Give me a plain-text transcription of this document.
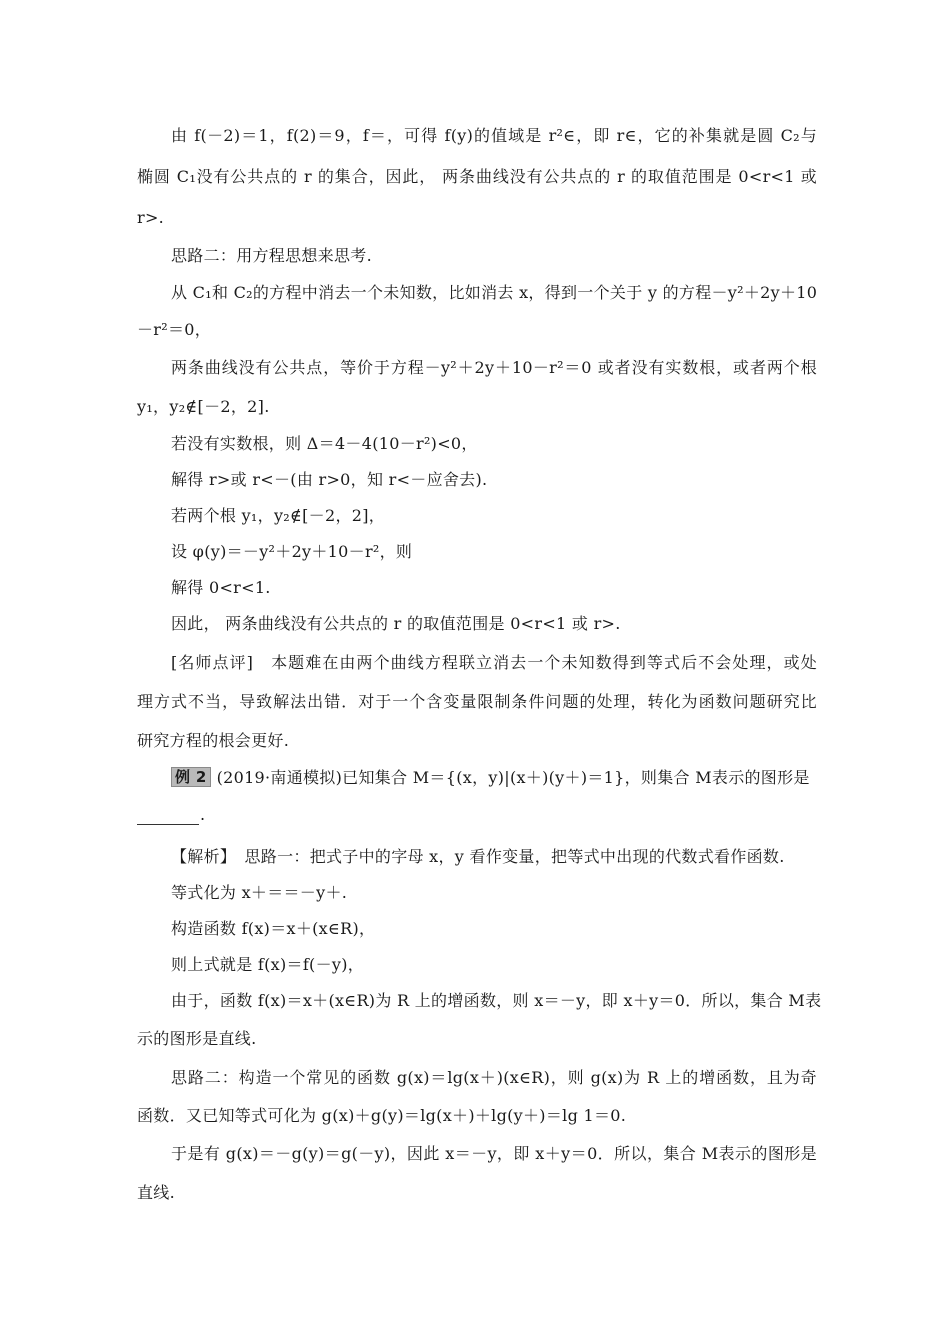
由 f(－2)＝1，f(2)＝9，f＝，可得 f(y)的值域是 r²∈，即 r∈，它的补集就是圆 C₂与
椭圆 C₁没有公共点的 r 的集合，因此， 两条曲线没有公共点的 r 的取值范围是 0<r<1 或
r>.
思路二：用方程思想来思考.
从 C₁和 C₂的方程中消去一个未知数，比如消去 x，得到一个关于 y 的方程－y²＋2y＋10
－r²＝0，
两条曲线没有公共点，等价于方程－y²＋2y＋10－r²＝0 或者没有实数根，或者两个根
y₁，y₂∉[－2，2].
若没有实数根，则 Δ＝4－4(10－r²)<0，
解得 r>或 r<－(由 r>0，知 r<－应舍去).
若两个根 y₁，y₂∉[－2，2]，
设 φ(y)＝－y²＋2y＋10－r²，则
解得 0<r<1.
因此， 两条曲线没有公共点的 r 的取值范围是 0<r<1 或 r>.
[名师点评]　本题难在由两个曲线方程联立消去一个未知数得到等式后不会处理，或处
理方式不当，导致解法出错．对于一个含变量限制条件问题的处理，转化为函数问题研究比
研究方程的根会更好.
例 2 (2019·南通模拟)已知集合 M＝{(x，y)|(x＋)(y＋)＝1}，则集合 M表示的图形是
.
【解析】　思路一：把式子中的字母 x，y 看作变量，把等式中出现的代数式看作函数.
等式化为 x＋＝＝－y＋.
构造函数 f(x)＝x＋(x∈R)，
则上式就是 f(x)＝f(－y)，
由于，函数 f(x)＝x＋(x∈R)为 R 上的增函数，则 x＝－y，即 x＋y＝0．所以，集合 M表
示的图形是直线.
思路二：构造一个常见的函数 g(x)＝lg(x＋)(x∈R)，则 g(x)为 R 上的增函数，且为奇
函数．又已知等式可化为 g(x)＋g(y)＝lg(x＋)＋lg(y＋)＝lg 1＝0.
于是有 g(x)＝－g(y)＝g(－y)，因此 x＝－y，即 x＋y＝0．所以，集合 M表示的图形是
直线.
